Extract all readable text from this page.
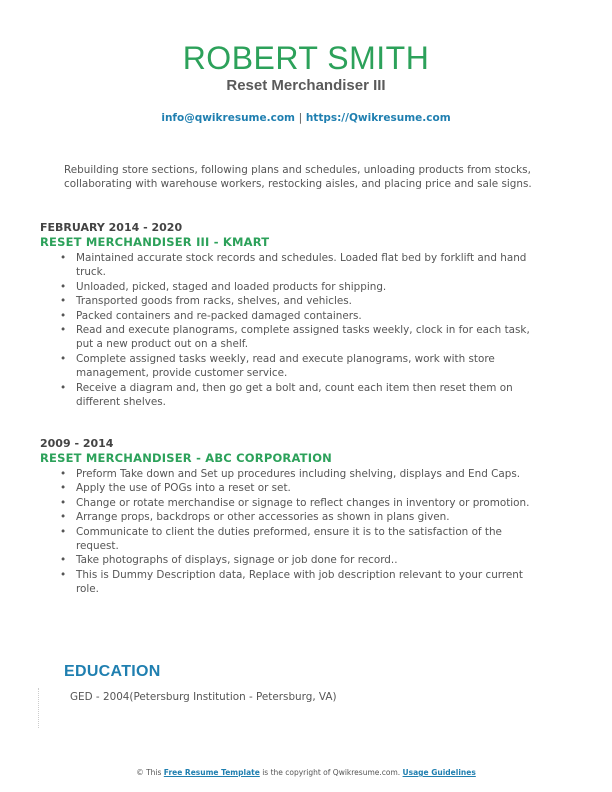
ROBERT SMITH
Reset Merchandiser III
info@qwikresume.com | https://Qwikresume.com
Rebuilding store sections, following plans and schedules, unloading products from stocks, collaborating with warehouse workers, restocking aisles, and placing price and sale signs.
FEBRUARY 2014 - 2020
RESET MERCHANDISER III - KMART
• Maintained accurate stock records and schedules. Loaded flat bed by forklift and hand truck.
• Unloaded, picked, staged and loaded products for shipping.
• Transported goods from racks, shelves, and vehicles.
• Packed containers and re-packed damaged containers.
• Read and execute planograms, complete assigned tasks weekly, clock in for each task, put a new product out on a shelf.
• Complete assigned tasks weekly, read and execute planograms, work with store management, provide customer service.
• Receive a diagram and, then go get a bolt and, count each item then reset them on different shelves.
2009 - 2014
RESET MERCHANDISER - ABC CORPORATION
• Preform Take down and Set up procedures including shelving, displays and End Caps.
• Apply the use of POGs into a reset or set.
• Change or rotate merchandise or signage to reflect changes in inventory or promotion.
• Arrange props, backdrops or other accessories as shown in plans given.
• Communicate to client the duties preformed, ensure it is to the satisfaction of the request.
• Take photographs of displays, signage or job done for record..
• This is Dummy Description data, Replace with job description relevant to your current role.
EDUCATION
GED - 2004(Petersburg Institution - Petersburg, VA)
© This Free Resume Template is the copyright of Qwikresume.com. Usage Guidelines
